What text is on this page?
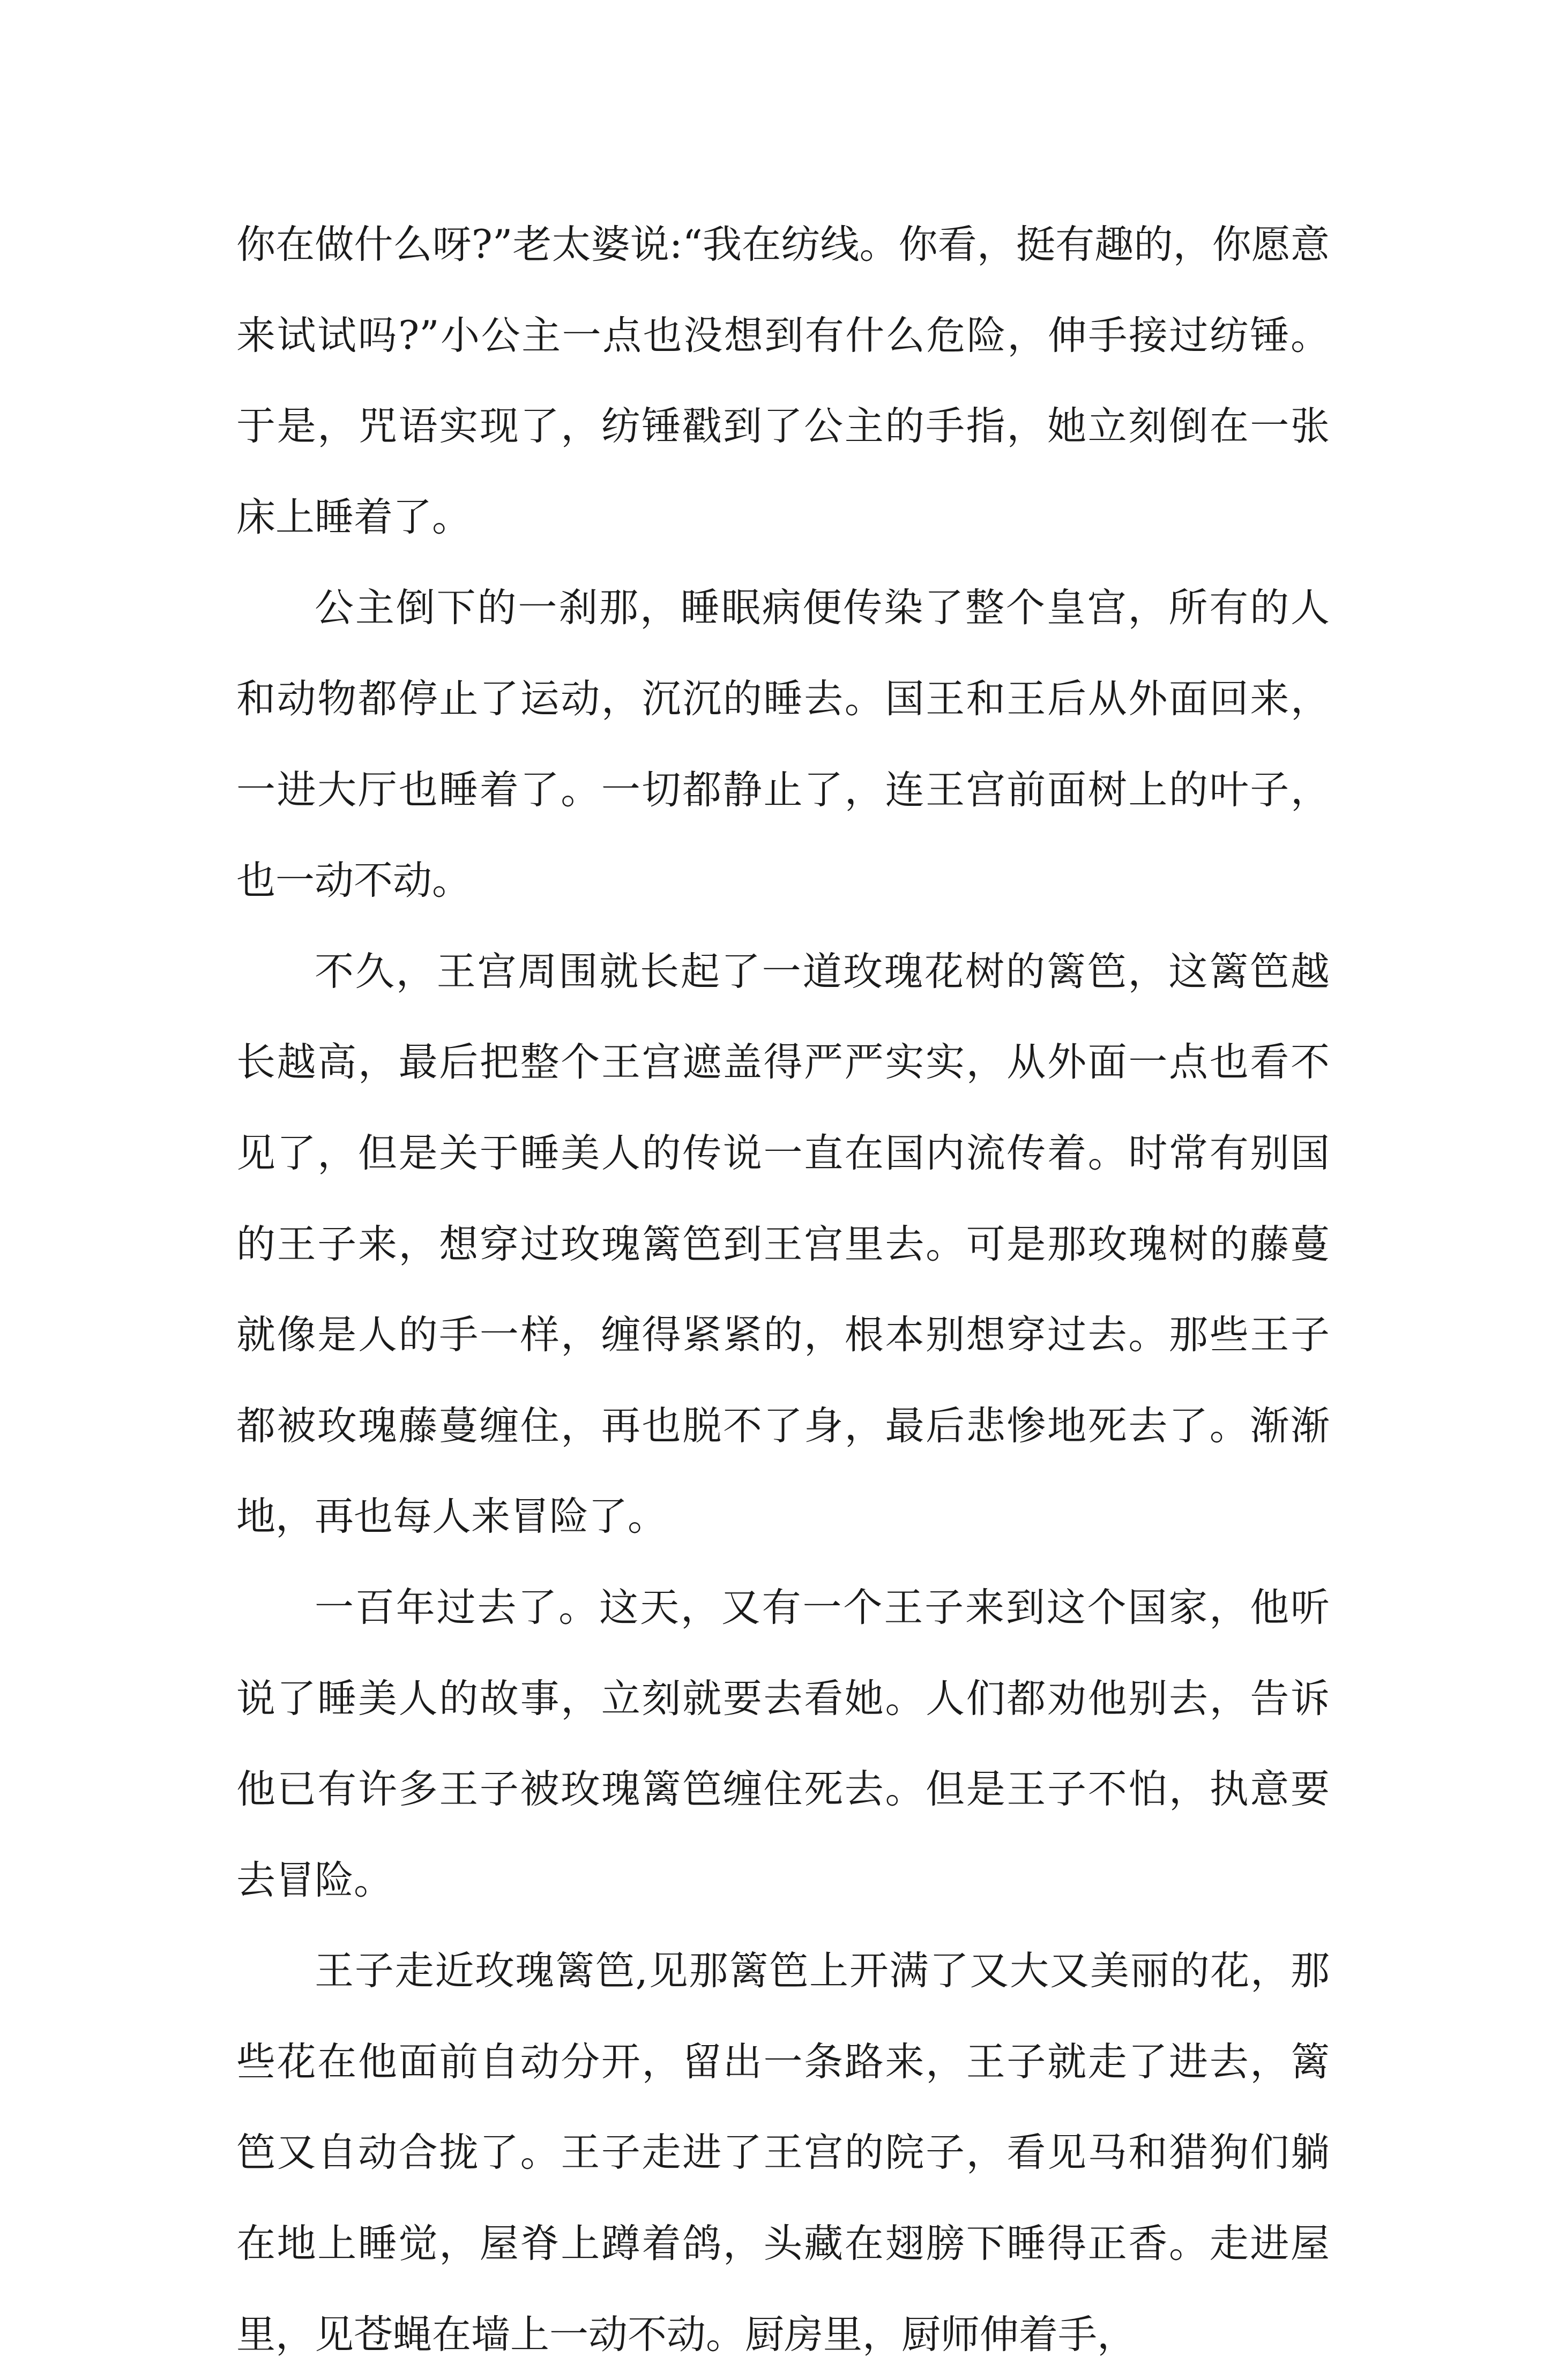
你在做什么呀?”老太婆说:“我在纺线。你看，挺有趣的，你愿意来试试吗?”小公主一点也没想到有什么危险，伸手接过纺锤。于是，咒语实现了，纺锤戳到了公主的手指，她立刻倒在一张床上睡着了。

公主倒下的一刹那，睡眠病便传染了整个皇宫，所有的人和动物都停止了运动，沉沉的睡去。国王和王后从外面回来，一进大厅也睡着了。一切都静止了，连王宫前面树上的叶子，也一动不动。

不久，王宫周围就长起了一道玫瑰花树的篱笆，这篱笆越长越高，最后把整个王宫遮盖得严严实实，从外面一点也看不见了，但是关于睡美人的传说一直在国内流传着。时常有别国的王子来，想穿过玫瑰篱笆到王宫里去。可是那玫瑰树的藤蔓就像是人的手一样，缠得紧紧的，根本别想穿过去。那些王子都被玫瑰藤蔓缠住，再也脱不了身，最后悲惨地死去了。渐渐地，再也每人来冒险了。

一百年过去了。这天，又有一个王子来到这个国家，他听说了睡美人的故事，立刻就要去看她。人们都劝他别去，告诉他已有许多王子被玫瑰篱笆缠住死去。但是王子不怕，执意要去冒险。

王子走近玫瑰篱笆,见那篱笆上开满了又大又美丽的花，那些花在他面前自动分开，留出一条路来，王子就走了进去，篱笆又自动合拢了。王子走进了王宫的院子，看见马和猎狗们躺在地上睡觉，屋脊上蹲着鸽，头藏在翅膀下睡得正香。走进屋里，见苍蝇在墙上一动不动。厨房里，厨师伸着手，
